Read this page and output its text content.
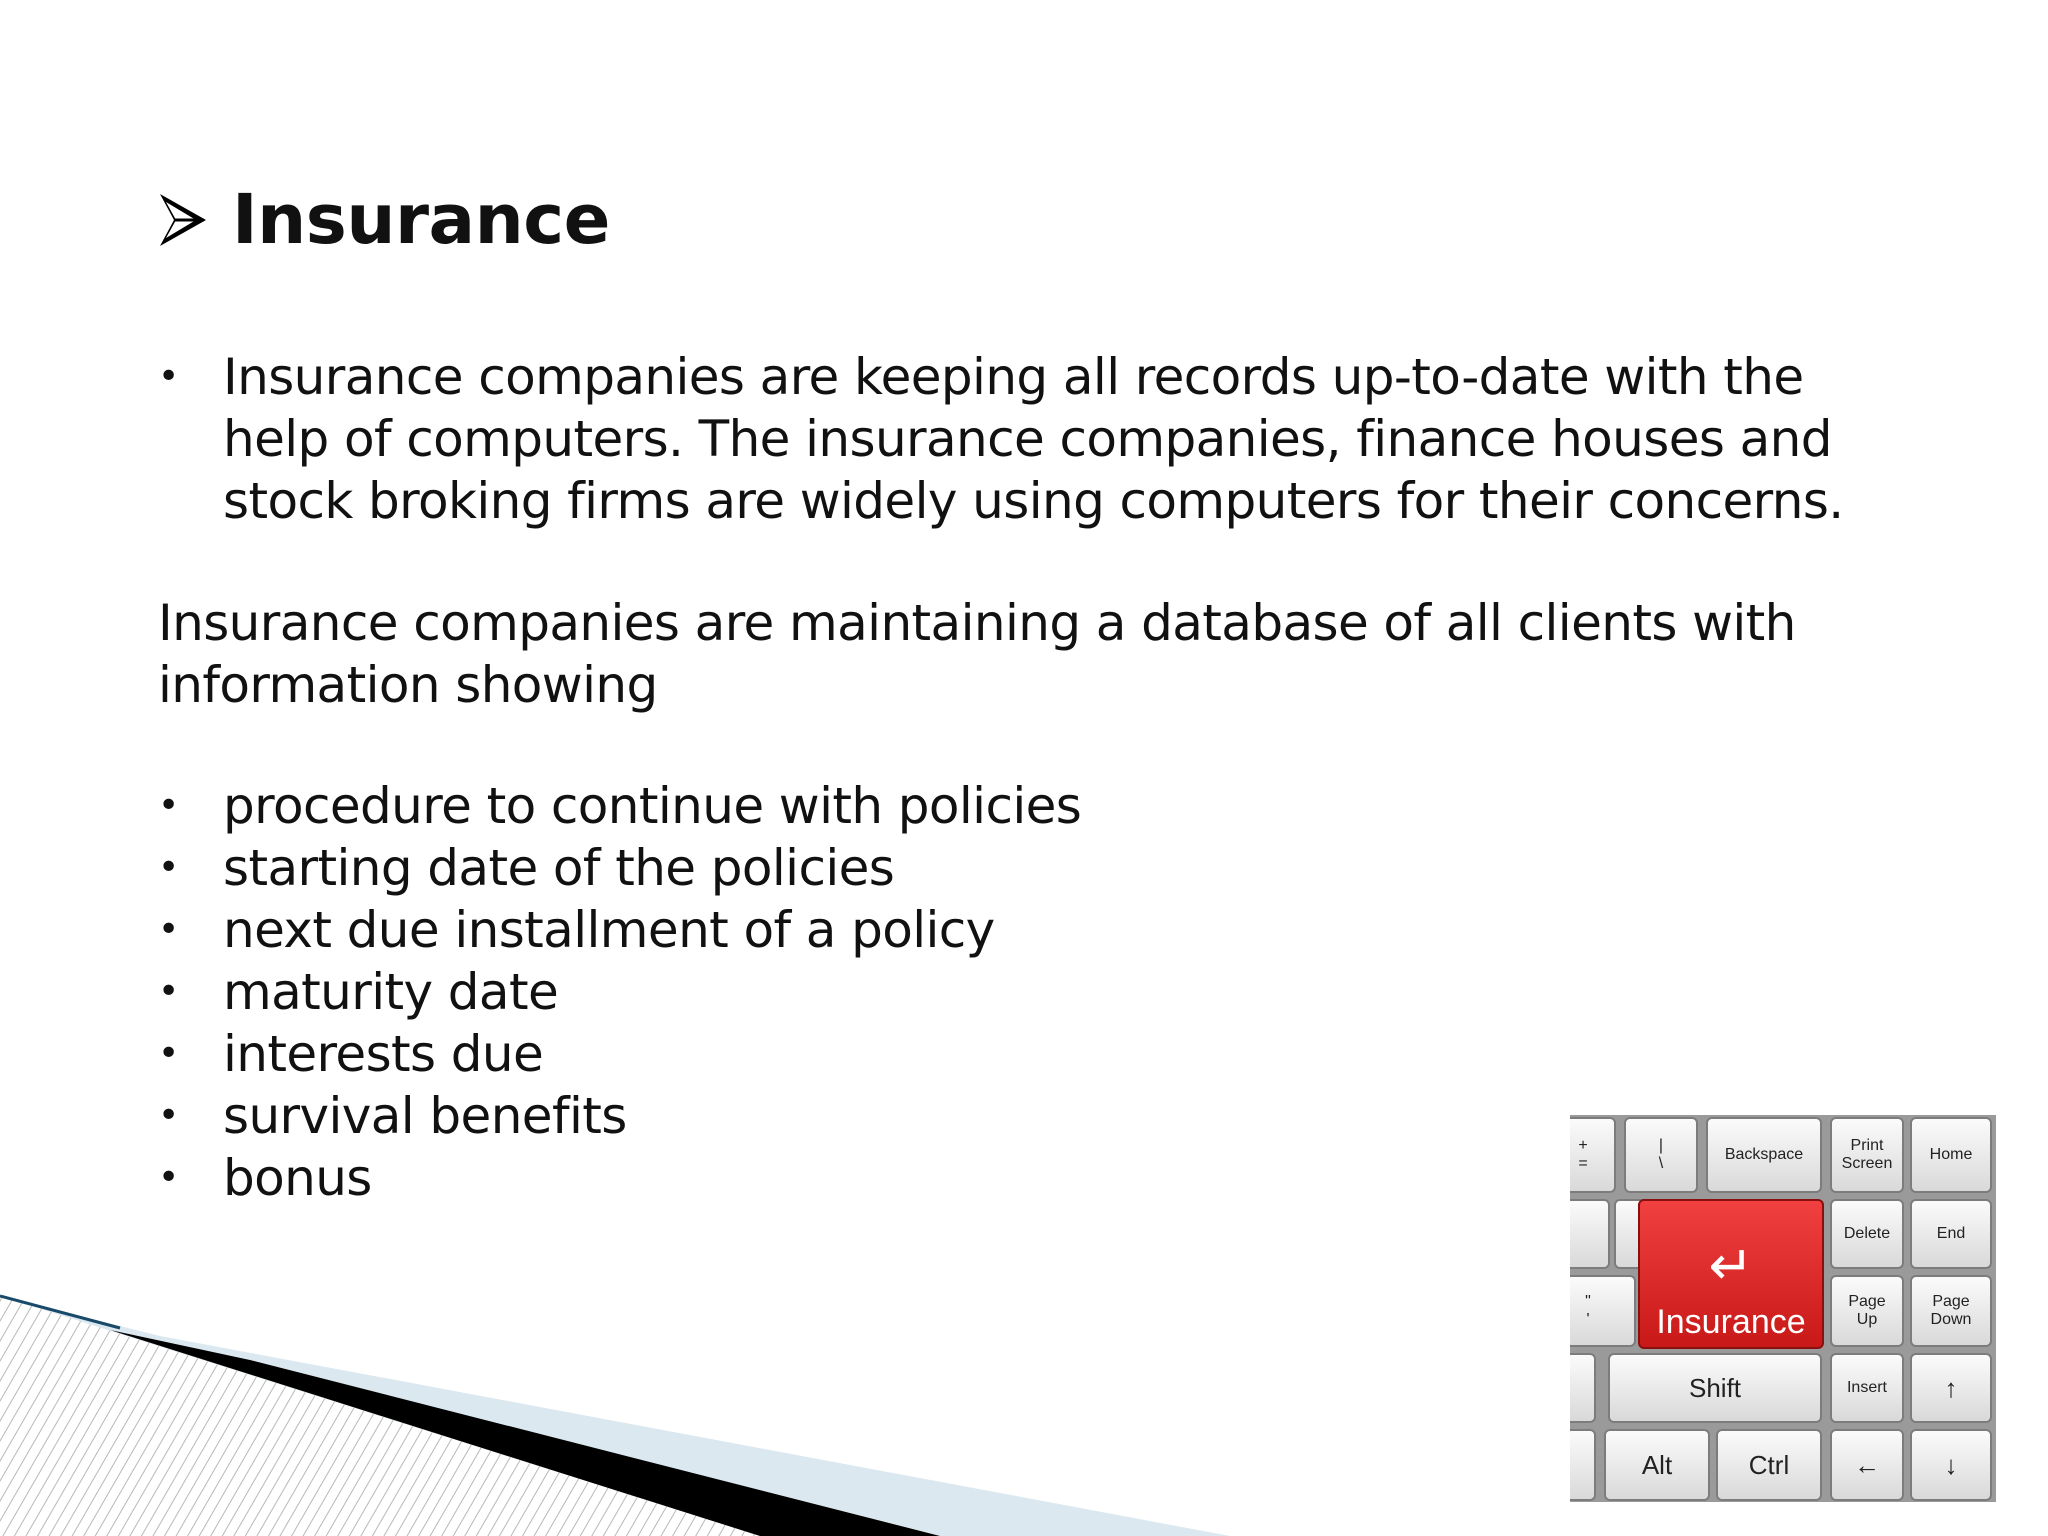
Insurance
• Insurance companies are keeping all records up-to-date with the help of computers. The insurance companies, finance houses and stock broking firms are widely using computers for their concerns.

Insurance companies are maintaining a database of all clients with information showing

• procedure to continue with policies
• starting date of the policies
• next due installment of a policy
• maturity date
• interests due
• survival benefits
• bonus
+
=
|
\
Backspace
Print
Screen
Home
Delete	End
"
'
↵
Insurance
Page
Up
Page
Down
Shift	Insert	↑
Alt	Ctrl	←	↓
